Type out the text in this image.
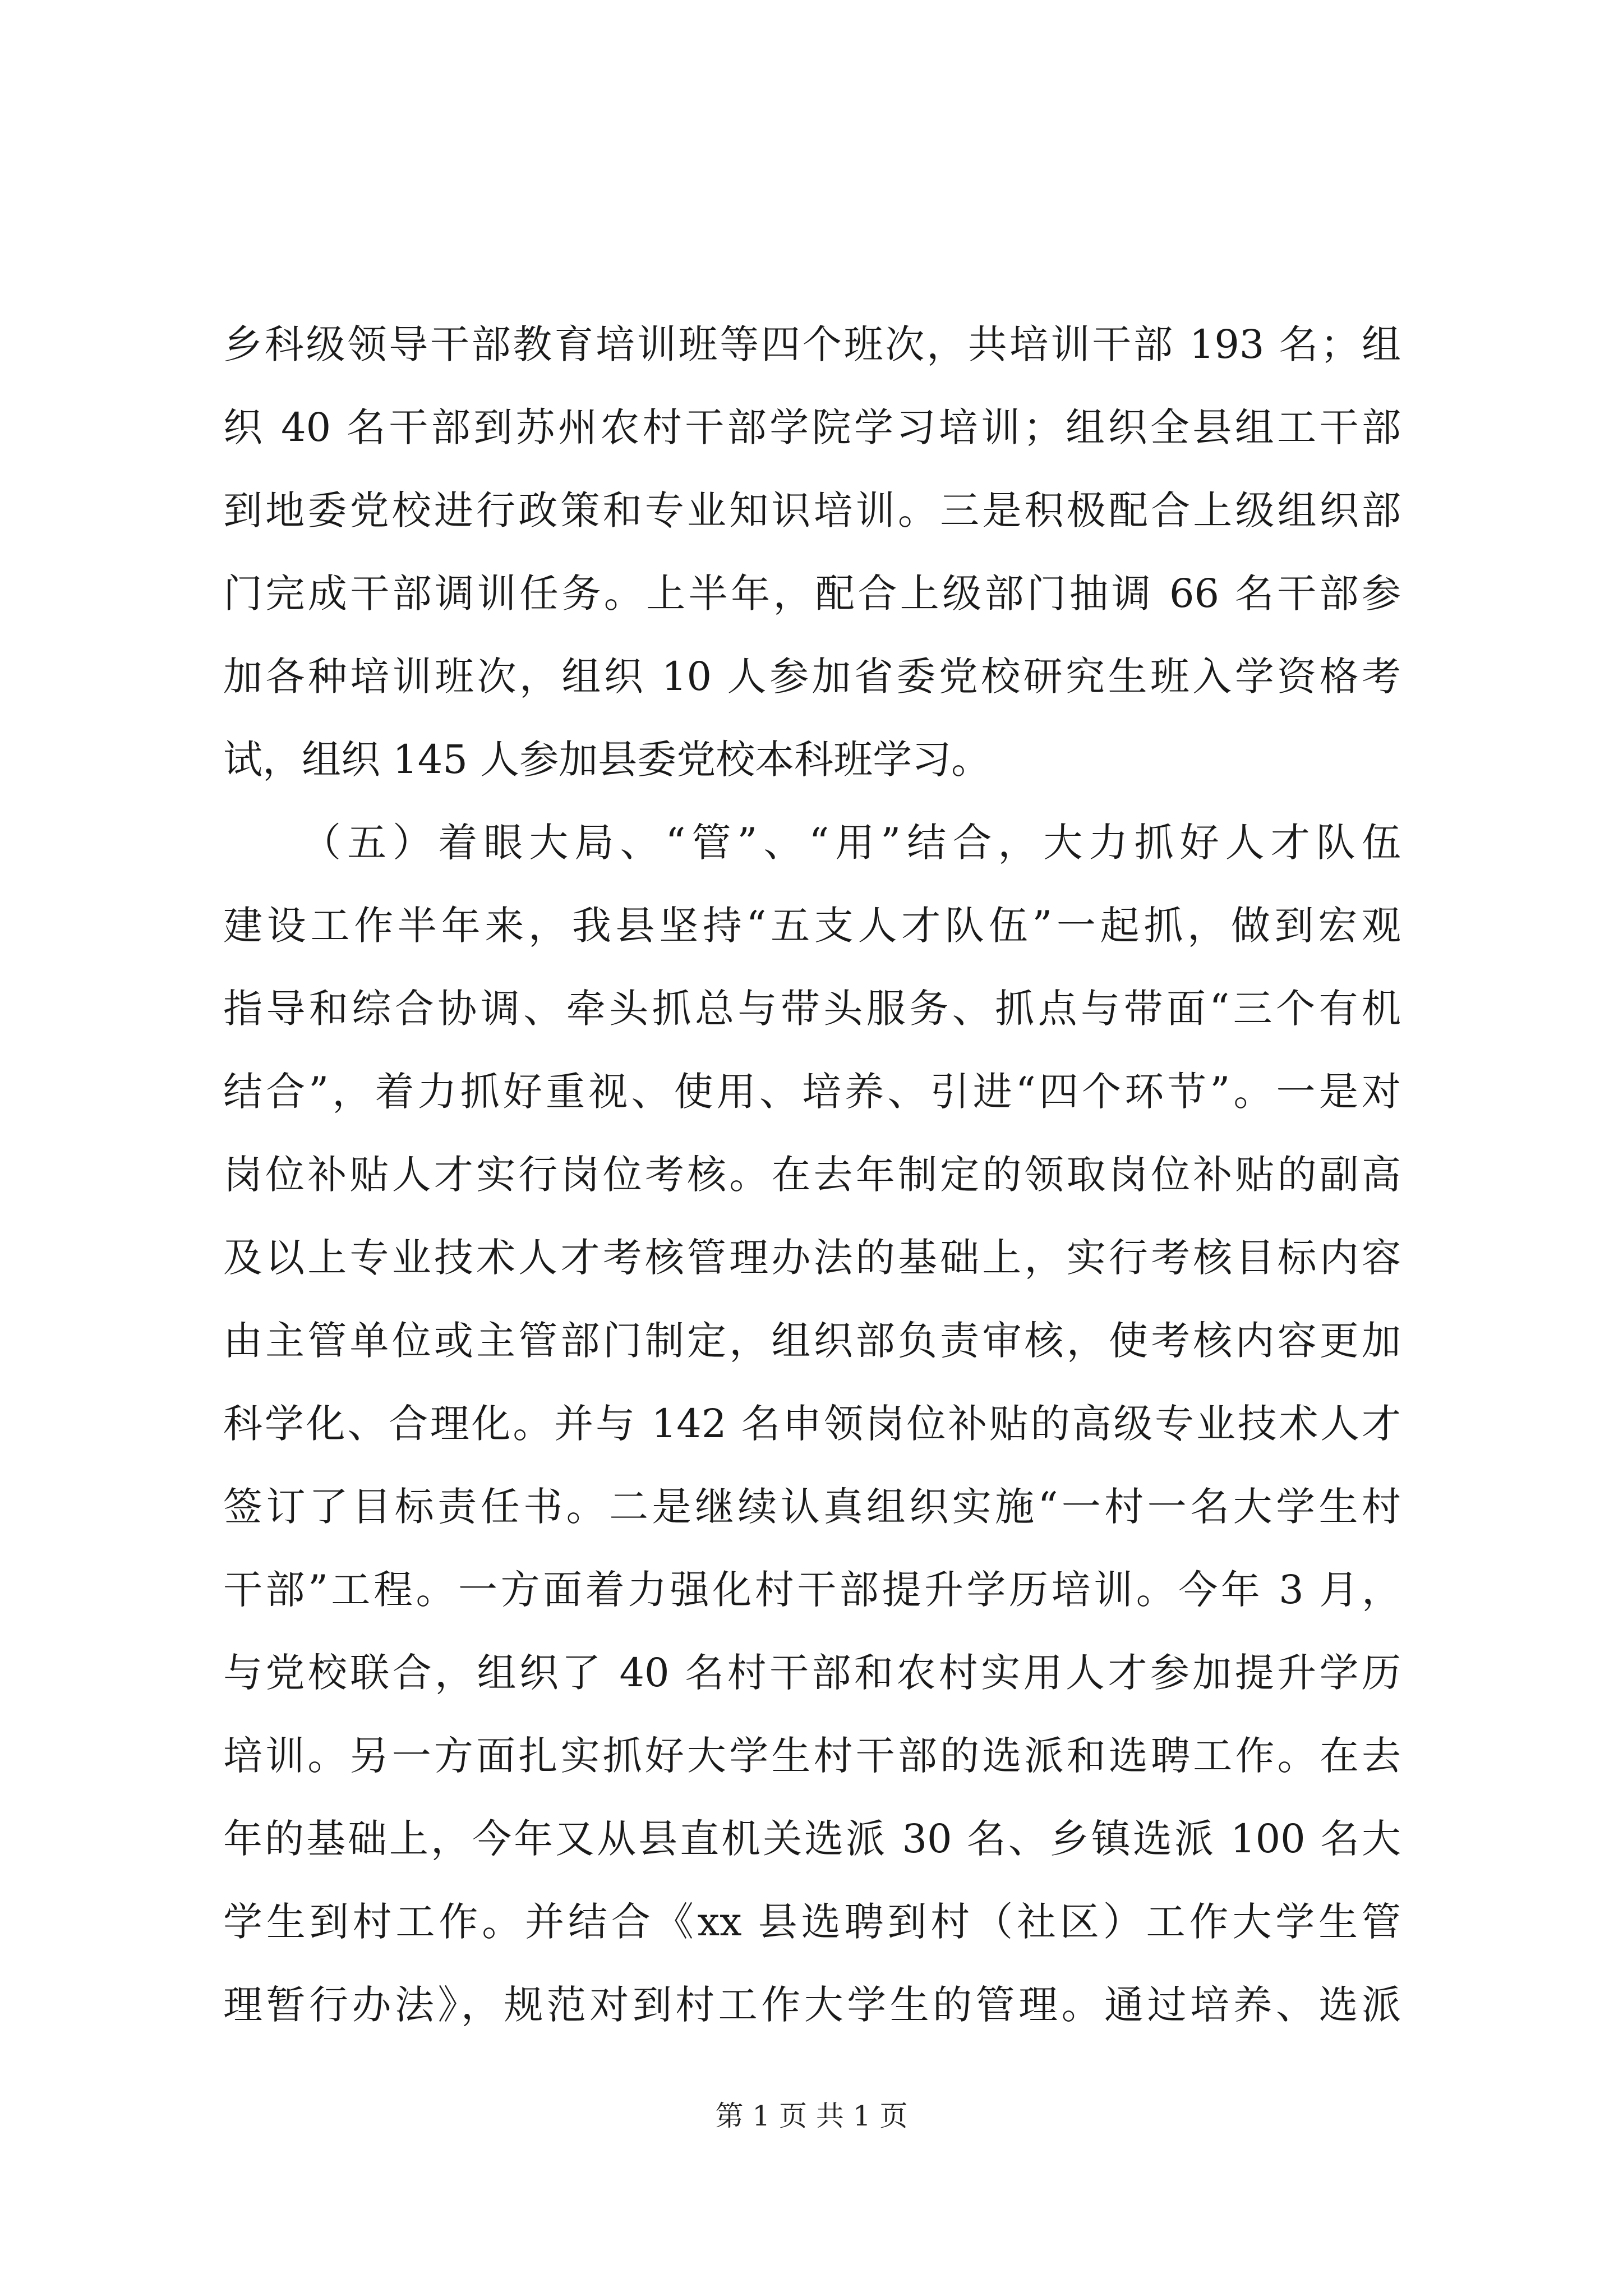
乡科级领导干部教育培训班等四个班次，共培训干部 193 名；组
织 40 名干部到苏州农村干部学院学习培训；组织全县组工干部
到地委党校进行政策和专业知识培训。三是积极配合上级组织部
门完成干部调训任务。上半年，配合上级部门抽调 66 名干部参
加各种培训班次，组织 10 人参加省委党校研究生班入学资格考
试，组织 145 人参加县委党校本科班学习。
（五）着眼大局、“管”、“用”结合，大力抓好人才队伍
建设工作半年来，我县坚持“五支人才队伍”一起抓，做到宏观
指导和综合协调、牵头抓总与带头服务、抓点与带面“三个有机
结合”，着力抓好重视、使用、培养、引进“四个环节”。一是对
岗位补贴人才实行岗位考核。在去年制定的领取岗位补贴的副高
及以上专业技术人才考核管理办法的基础上，实行考核目标内容
由主管单位或主管部门制定，组织部负责审核，使考核内容更加
科学化、合理化。并与 142 名申领岗位补贴的高级专业技术人才
签订了目标责任书。二是继续认真组织实施“一村一名大学生村
干部”工程。一方面着力强化村干部提升学历培训。今年 3 月，
与党校联合，组织了 40 名村干部和农村实用人才参加提升学历
培训。另一方面扎实抓好大学生村干部的选派和选聘工作。在去
年的基础上，今年又从县直机关选派 30 名、乡镇选派 100 名大
学生到村工作。并结合《xx 县选聘到村（社区）工作大学生管
理暂行办法》，规范对到村工作大学生的管理。通过培养、选派
第 1 页 共 1 页
